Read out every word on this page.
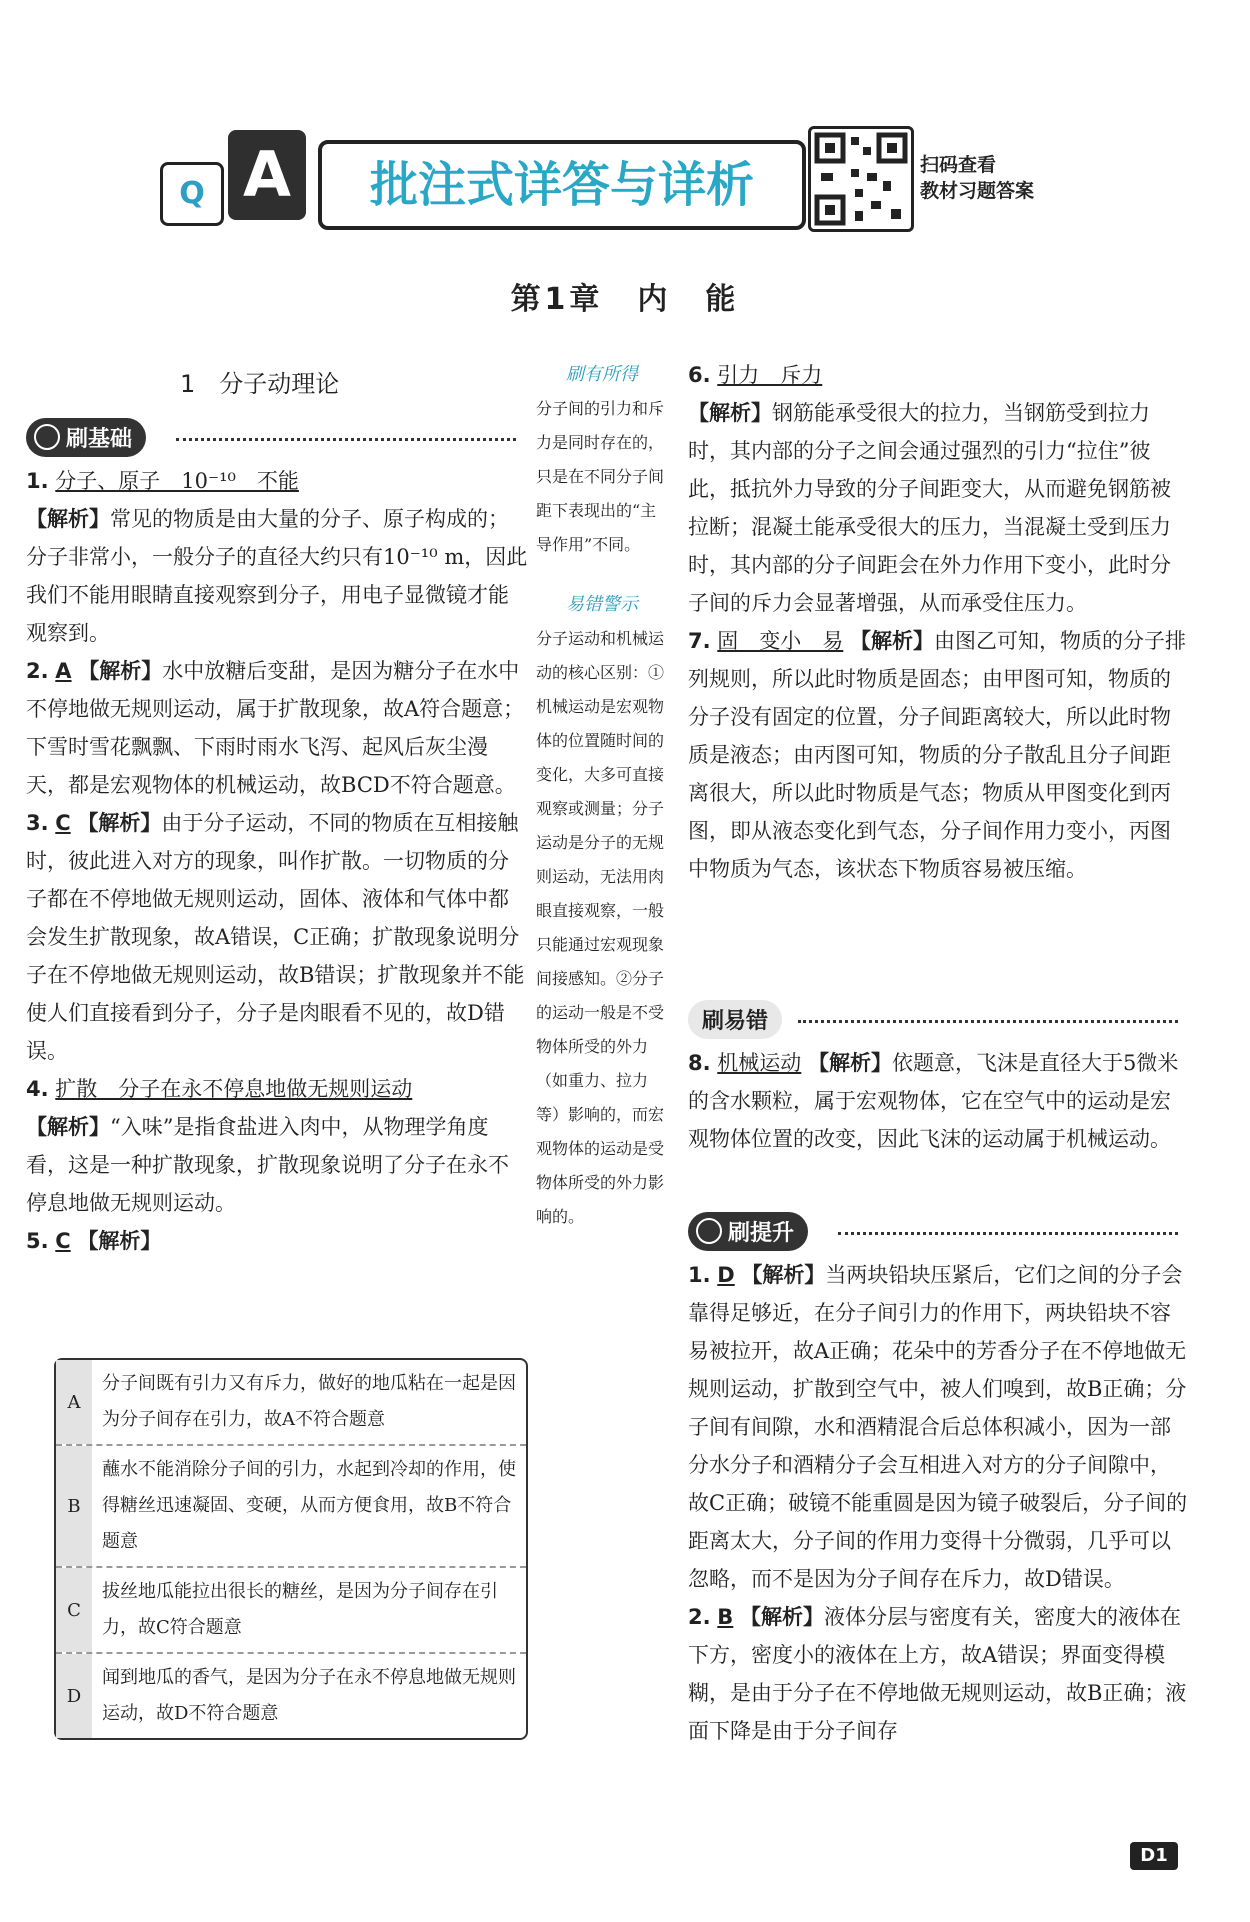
Q A	批注式详答与详析	扫码查看
教材习题答案
第1章　内　能
1　分子动理论
刷基础

1. 分子、原子　10⁻¹⁰　不能
【解析】常见的物质是由大量的分子、原子构成的；分子非常小，一般分子的直径大约只有10⁻¹⁰ m，因此我们不能用眼睛直接观察到分子，用电子显微镜才能观察到。

2. A 【解析】水中放糖后变甜，是因为糖分子在水中不停地做无规则运动，属于扩散现象，故A符合题意；下雪时雪花飘飘、下雨时雨水飞泻、起风后灰尘漫天，都是宏观物体的机械运动，故BCD不符合题意。

3. C 【解析】由于分子运动，不同的物质在互相接触时，彼此进入对方的现象，叫作扩散。一切物质的分子都在不停地做无规则运动，固体、液体和气体中都会发生扩散现象，故A错误，C正确；扩散现象说明分子在不停地做无规则运动，故B错误；扩散现象并不能使人们直接看到分子，分子是肉眼看不见的，故D错误。

4. 扩散　分子在永不停息地做无规则运动
【解析】“入味”是指食盐进入肉中，从物理学角度看，这是一种扩散现象，扩散现象说明了分子在永不停息地做无规则运动。

5. C 【解析】

A
分子间既有引力又有斥力，做好的地瓜粘在一起是因为分子间存在引力，故A不符合题意
B
蘸水不能消除分子间的引力，水起到冷却的作用，使得糖丝迅速凝固、变硬，从而方便食用，故B不符合题意
C
拔丝地瓜能拉出很长的糖丝，是因为分子间存在引力，故C符合题意
D
闻到地瓜的香气，是因为分子在永不停息地做无规则运动，故D不符合题意
刷有所得
分子间的引力和斥力是同时存在的，只是在不同分子间距下表现出的“主导作用”不同。
易错警示
分子运动和机械运动的核心区别：①机械运动是宏观物体的位置随时间的变化，大多可直接观察或测量；分子运动是分子的无规则运动，无法用肉眼直接观察，一般只能通过宏观现象间接感知。②分子的运动一般是不受物体所受的外力（如重力、拉力等）影响的，而宏观物体的运动是受物体所受的外力影响的。

6. 引力　斥力
【解析】钢筋能承受很大的拉力，当钢筋受到拉力时，其内部的分子之间会通过强烈的引力“拉住”彼此，抵抗外力导致的分子间距变大，从而避免钢筋被拉断；混凝土能承受很大的压力，当混凝土受到压力时，其内部的分子间距会在外力作用下变小，此时分子间的斥力会显著增强，从而承受住压力。

7. 固　变小　易 【解析】由图乙可知，物质的分子排列规则，所以此时物质是固态；由甲图可知，物质的分子没有固定的位置，分子间距离较大，所以此时物质是液态；由丙图可知，物质的分子散乱且分子间距离很大，所以此时物质是气态；物质从甲图变化到丙图，即从液态变化到气态，分子间作用力变小，丙图中物质为气态，该状态下物质容易被压缩。

刷易错

8. 机械运动 【解析】依题意，飞沫是直径大于5微米的含水颗粒，属于宏观物体，它在空气中的运动是宏观物体位置的改变，因此飞沫的运动属于机械运动。

刷提升

1. D 【解析】当两块铅块压紧后，它们之间的分子会靠得足够近，在分子间引力的作用下，两块铅块不容易被拉开，故A正确；花朵中的芳香分子在不停地做无规则运动，扩散到空气中，被人们嗅到，故B正确；分子间有间隙，水和酒精混合后总体积减小，因为一部分水分子和酒精分子会互相进入对方的分子间隙中，故C正确；破镜不能重圆是因为镜子破裂后，分子间的距离太大，分子间的作用力变得十分微弱，几乎可以忽略，而不是因为分子间存在斥力，故D错误。

2. B 【解析】液体分层与密度有关，密度大的液体在下方，密度小的液体在上方，故A错误；界面变得模糊，是由于分子在不停地做无规则运动，故B正确；液面下降是由于分子间存

D1
